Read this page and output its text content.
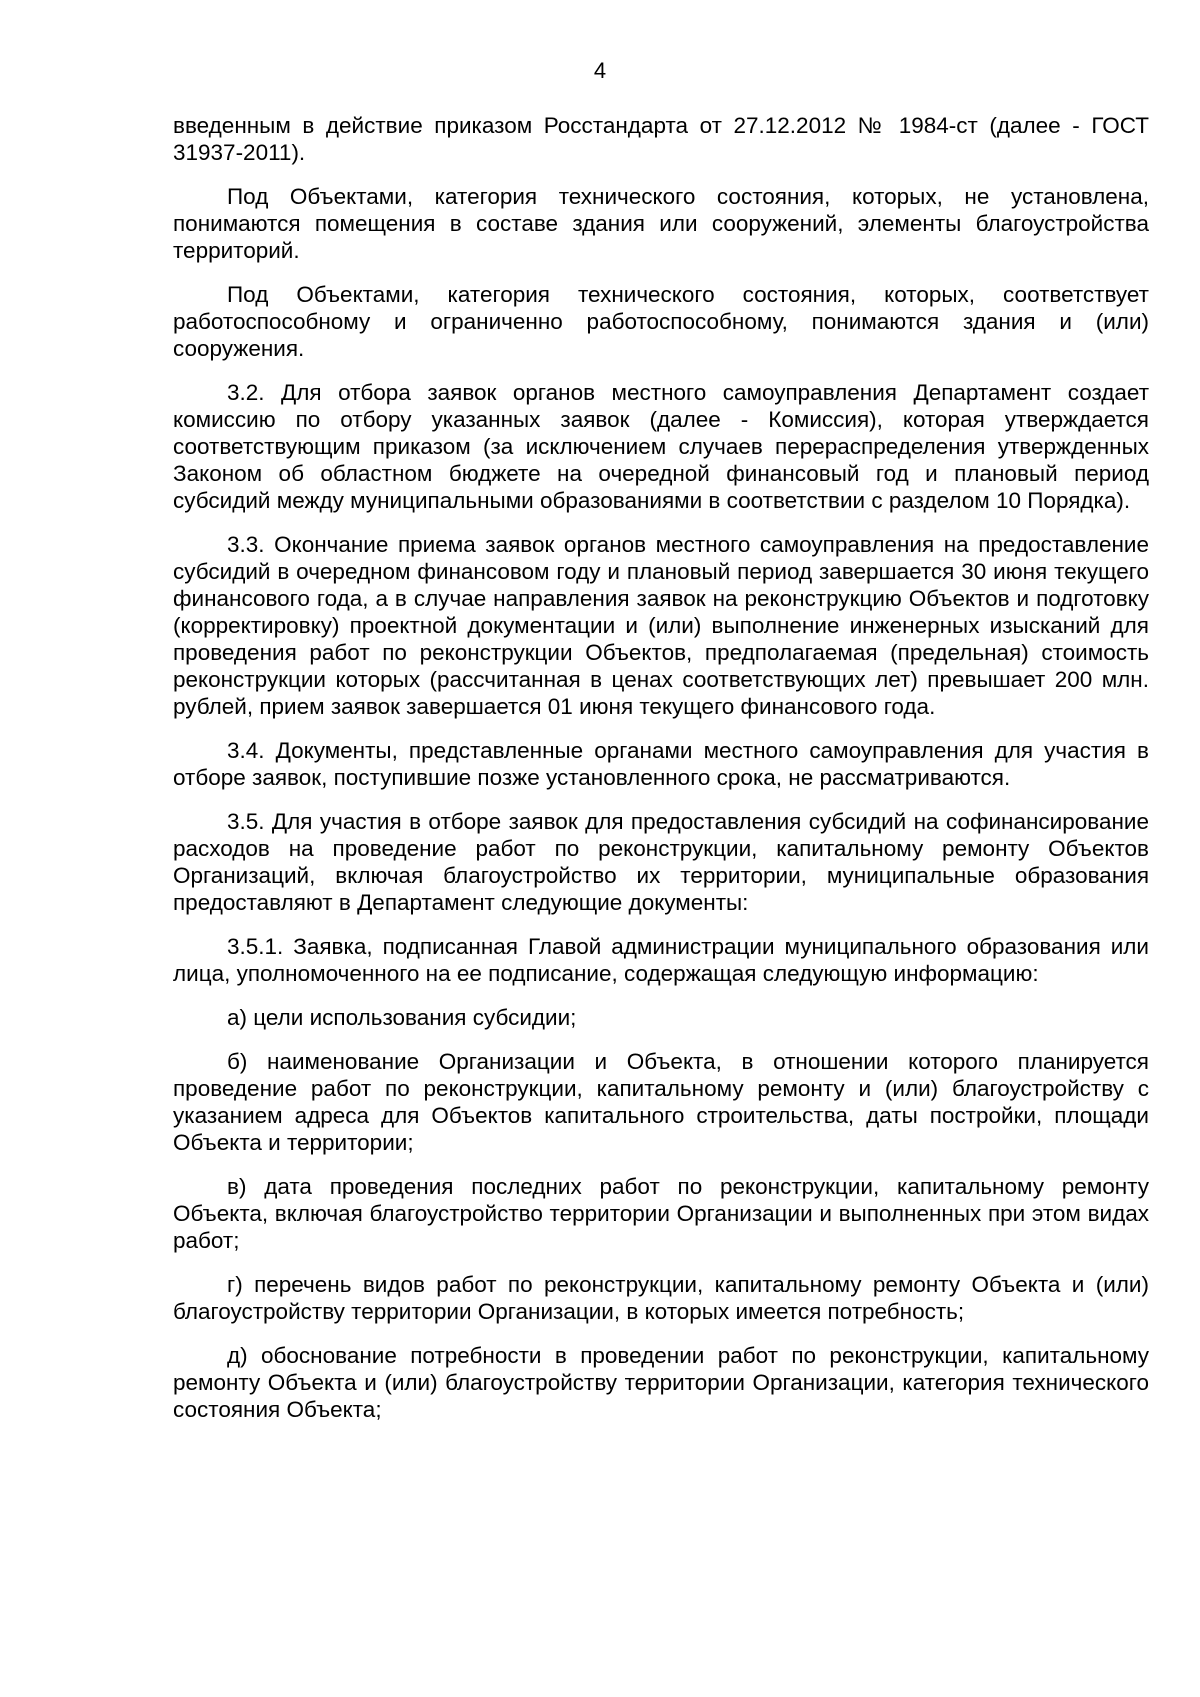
4

введенным в действие приказом Росстандарта от 27.12.2012 № 1984-ст (далее - ГОСТ 31937-2011).

Под Объектами, категория технического состояния, которых, не установлена, понимаются помещения в составе здания или сооружений, элементы благоустройства территорий.

Под Объектами, категория технического состояния, которых, соответствует работоспособному и ограниченно работоспособному, понимаются здания и (или) сооружения.

3.2. Для отбора заявок органов местного самоуправления Департамент создает комиссию по отбору указанных заявок (далее - Комиссия), которая утверждается соответствующим приказом (за исключением случаев перераспределения утвержденных Законом об областном бюджете на очередной финансовый год и плановый период субсидий между муниципальными образованиями в соответствии с разделом 10 Порядка).

3.3. Окончание приема заявок органов местного самоуправления на предоставление субсидий в очередном финансовом году и плановый период завершается 30 июня текущего финансового года, а в случае направления заявок на реконструкцию Объектов и подготовку (корректировку) проектной документации и (или) выполнение инженерных изысканий для проведения работ по реконструкции Объектов, предполагаемая (предельная) стоимость реконструкции которых (рассчитанная в ценах соответствующих лет) превышает 200 млн. рублей, прием заявок завершается 01 июня текущего финансового года.

3.4. Документы, представленные органами местного самоуправления для участия в отборе заявок, поступившие позже установленного срока, не рассматриваются.

3.5. Для участия в отборе заявок для предоставления субсидий на софинансирование расходов на проведение работ по реконструкции, капитальному ремонту Объектов Организаций, включая благоустройство их территории, муниципальные образования предоставляют в Департамент следующие документы:

3.5.1. Заявка, подписанная Главой администрации муниципального образования или лица, уполномоченного на ее подписание, содержащая следующую информацию:

а) цели использования субсидии;

б) наименование Организации и Объекта, в отношении которого планируется проведение работ по реконструкции, капитальному ремонту и (или) благоустройству с указанием адреса для Объектов капитального строительства, даты постройки, площади Объекта и территории;

в) дата проведения последних работ по реконструкции, капитальному ремонту Объекта, включая благоустройство территории Организации и выполненных при этом видах работ;

г) перечень видов работ по реконструкции, капитальному ремонту Объекта и (или) благоустройству территории Организации, в которых имеется потребность;

д) обоснование потребности в проведении работ по реконструкции, капитальному ремонту Объекта и (или) благоустройству территории Организации, категория технического состояния Объекта;
